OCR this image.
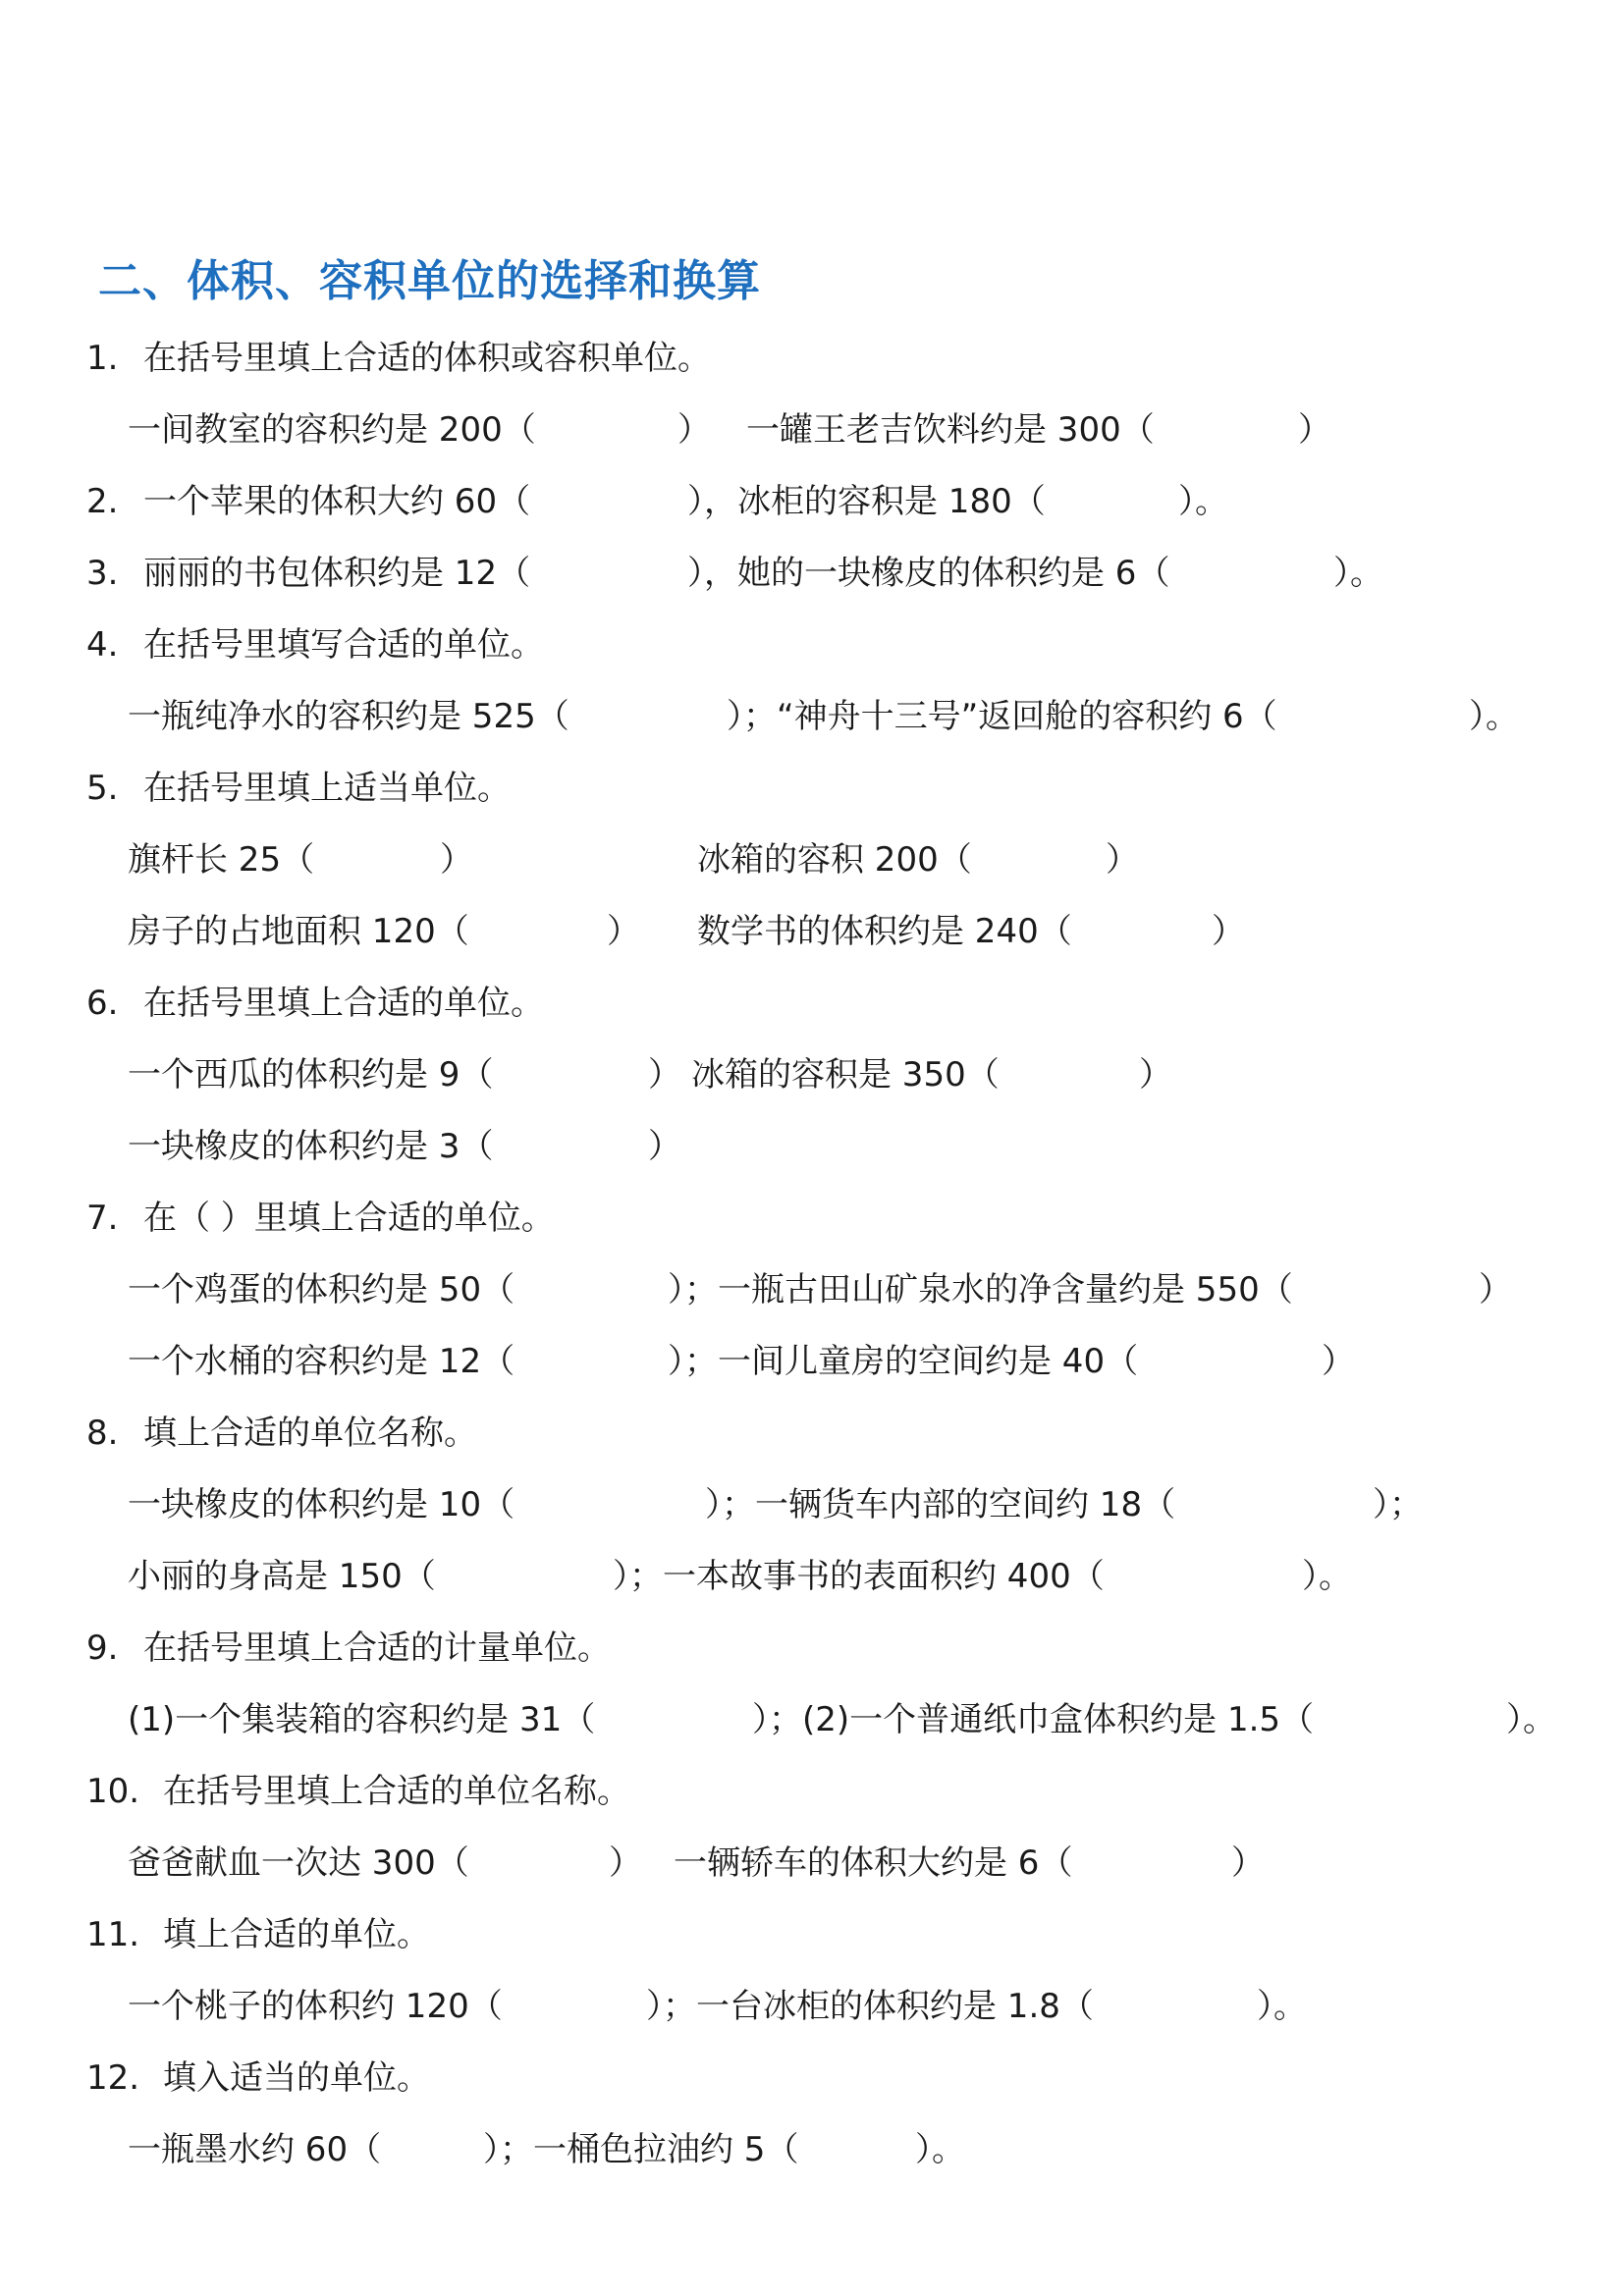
二、体积、容积单位的选择和换算
1. 在括号里填上合适的体积或容积单位。
一间教室的容积约是 200（	） 一罐王老吉饮料约是 300（	）
2. 一个苹果的体积大约 60（	），冰柜的容积是 180（	）。
3. 丽丽的书包体积约是 12（	），她的一块橡皮的体积约是 6（	）。
4. 在括号里填写合适的单位。
一瓶纯净水的容积约是 525（	）；“神舟十三号”返回舱的容积约 6（	）。
5. 在括号里填上适当单位。
旗杆长 25（	）	冰箱的容积 200（	）
房子的占地面积 120（	） 数学书的体积约是 240（	）
6. 在括号里填上合适的单位。
一个西瓜的体积约是 9（	） 冰箱的容积是 350（	）
一块橡皮的体积约是 3（	）
7. 在（ ）里填上合适的单位。
一个鸡蛋的体积约是 50（	）；一瓶古田山矿泉水的净含量约是 550（	）
一个水桶的容积约是 12（	）；一间儿童房的空间约是 40（	）
8. 填上合适的单位名称。
一块橡皮的体积约是 10（	）；一辆货车内部的空间约 18（	）；
小丽的身高是 150（	）；一本故事书的表面积约 400（	）。
9. 在括号里填上合适的计量单位。
(1)一个集装箱的容积约是 31（	）；(2)一个普通纸巾盒体积约是 1.5（	）。
10. 在括号里填上合适的单位名称。
爸爸献血一次达 300（	） 一辆轿车的体积大约是 6（	）
11. 填上合适的单位。
一个桃子的体积约 120（	）；一台冰柜的体积约是 1.8（	）。
12. 填入适当的单位。
一瓶墨水约 60（	）；一桶色拉油约 5（	）。
